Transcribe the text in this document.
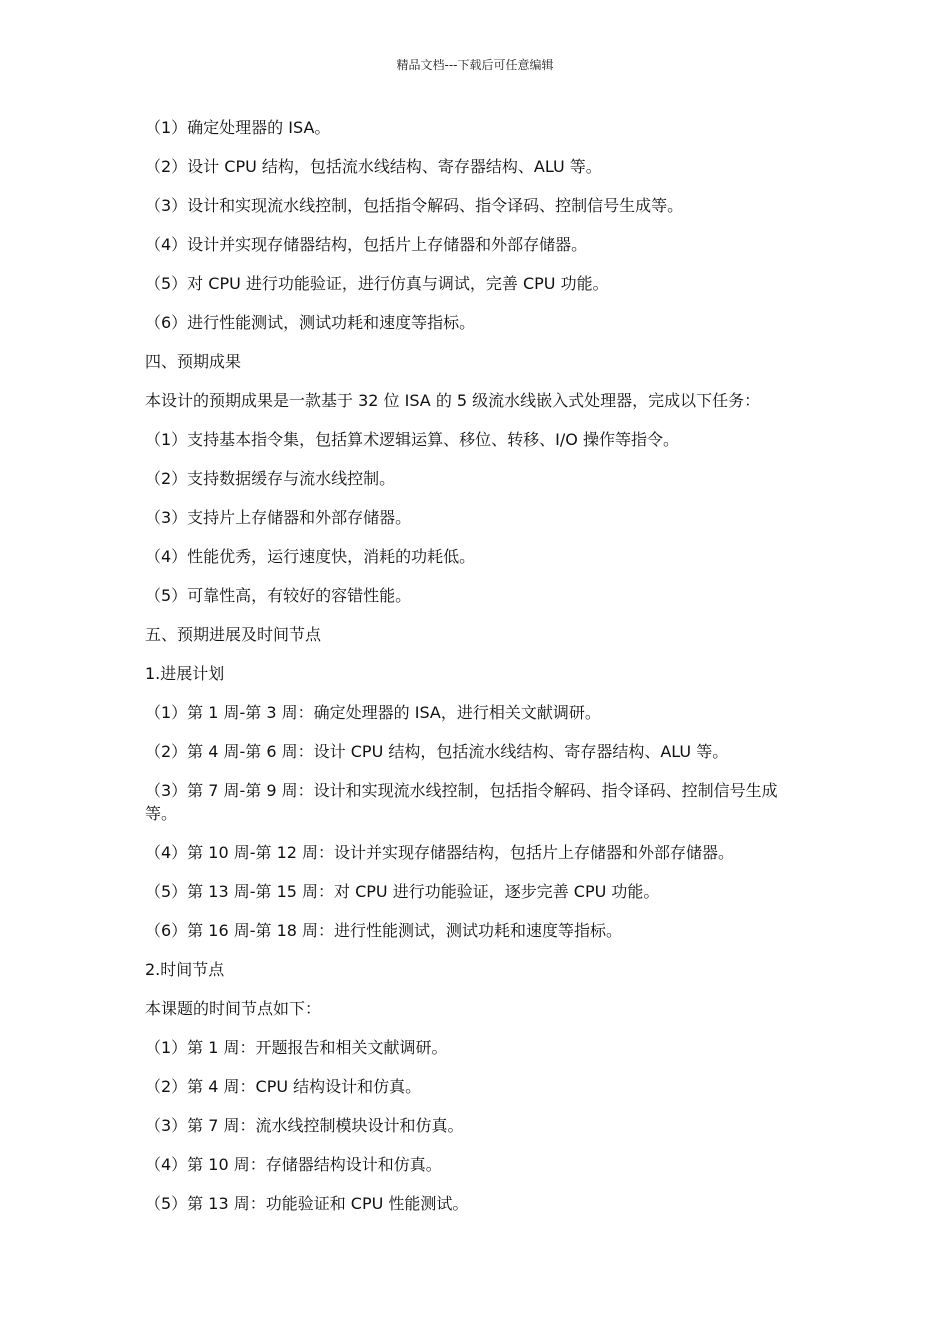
精品文档---下载后可任意编辑

（1）确定处理器的 ISA。

（2）设计 CPU 结构，包括流水线结构、寄存器结构、ALU 等。

（3）设计和实现流水线控制，包括指令解码、指令译码、控制信号生成等。

（4）设计并实现存储器结构，包括片上存储器和外部存储器。

（5）对 CPU 进行功能验证，进行仿真与调试，完善 CPU 功能。

（6）进行性能测试，测试功耗和速度等指标。

四、预期成果

本设计的预期成果是一款基于 32 位 ISA 的 5 级流水线嵌入式处理器，完成以下任务：

（1）支持基本指令集，包括算术逻辑运算、移位、转移、I/O 操作等指令。

（2）支持数据缓存与流水线控制。

（3）支持片上存储器和外部存储器。

（4）性能优秀，运行速度快，消耗的功耗低。

（5）可靠性高，有较好的容错性能。

五、预期进展及时间节点

1.进展计划

（1）第 1 周-第 3 周：确定处理器的 ISA，进行相关文献调研。

（2）第 4 周-第 6 周：设计 CPU 结构，包括流水线结构、寄存器结构、ALU 等。

（3）第 7 周-第 9 周：设计和实现流水线控制，包括指令解码、指令译码、控制信号生成等。

（4）第 10 周-第 12 周：设计并实现存储器结构，包括片上存储器和外部存储器。

（5）第 13 周-第 15 周：对 CPU 进行功能验证，逐步完善 CPU 功能。

（6）第 16 周-第 18 周：进行性能测试，测试功耗和速度等指标。

2.时间节点

本课题的时间节点如下：

（1）第 1 周：开题报告和相关文献调研。

（2）第 4 周：CPU 结构设计和仿真。

（3）第 7 周：流水线控制模块设计和仿真。

（4）第 10 周：存储器结构设计和仿真。

（5）第 13 周：功能验证和 CPU 性能测试。
